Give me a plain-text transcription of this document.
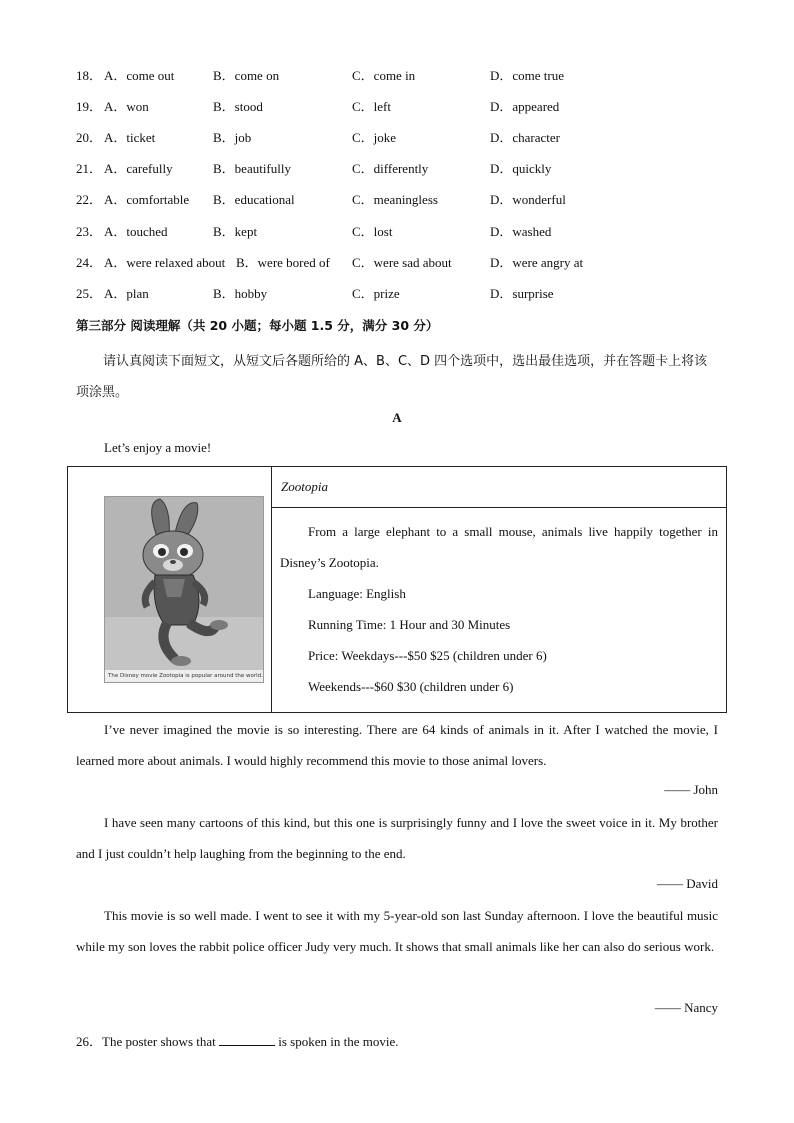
18． A．come out	B．come on	C．come in	D．come true
19． A．won	B．stood	C．left	D．appeared
20． A．ticket	B．job	C．joke	D．character
21． A．carefully	B．beautifully	C．differently	D．quickly
22． A．comfortable B．educational	C．meaningless	D．wonderful
23． A．touched	B．kept	C．lost	D．washed
24． A．were relaxed about B．were bored of C．were sad about	D．were angry at
25． A．plan	B．hobby	C．prize	D．surprise
第三部分 阅读理解（共 20 小题；每小题 1.5 分，满分 30 分）
请认真阅读下面短文，从短文后各题所给的 A、B、C、D 四个选项中，选出最佳选项，并在答题卡上将该项涂黑。
A
Let’s enjoy a movie!
The Disney movie Zootopia is popular around the world.
	Zootopia

From a large elephant to a small mouse, animals live happily together in Disney’s Zootopia.

Language: English

Running Time: 1 Hour and 30 Minutes

Price: Weekdays---$50 $25 (children under 6)

Weekends---$60 $30 (children under 6)

I’ve never imagined the movie is so interesting. There are 64 kinds of animals in it. After I watched the movie, I learned more about animals. I would highly recommend this movie to those animal lovers.

—— John

I have seen many cartoons of this kind, but this one is surprisingly funny and I love the sweet voice in it. My brother and I just couldn’t help laughing from the beginning to the end.

—— David

This movie is so well made. I went to see it with my 5-year-old son last Sunday afternoon. I love the beautiful music while my son loves the rabbit police officer Judy very much. It shows that small animals like her can also do serious work.

—— Nancy
26．The poster shows that	is spoken in the movie.
